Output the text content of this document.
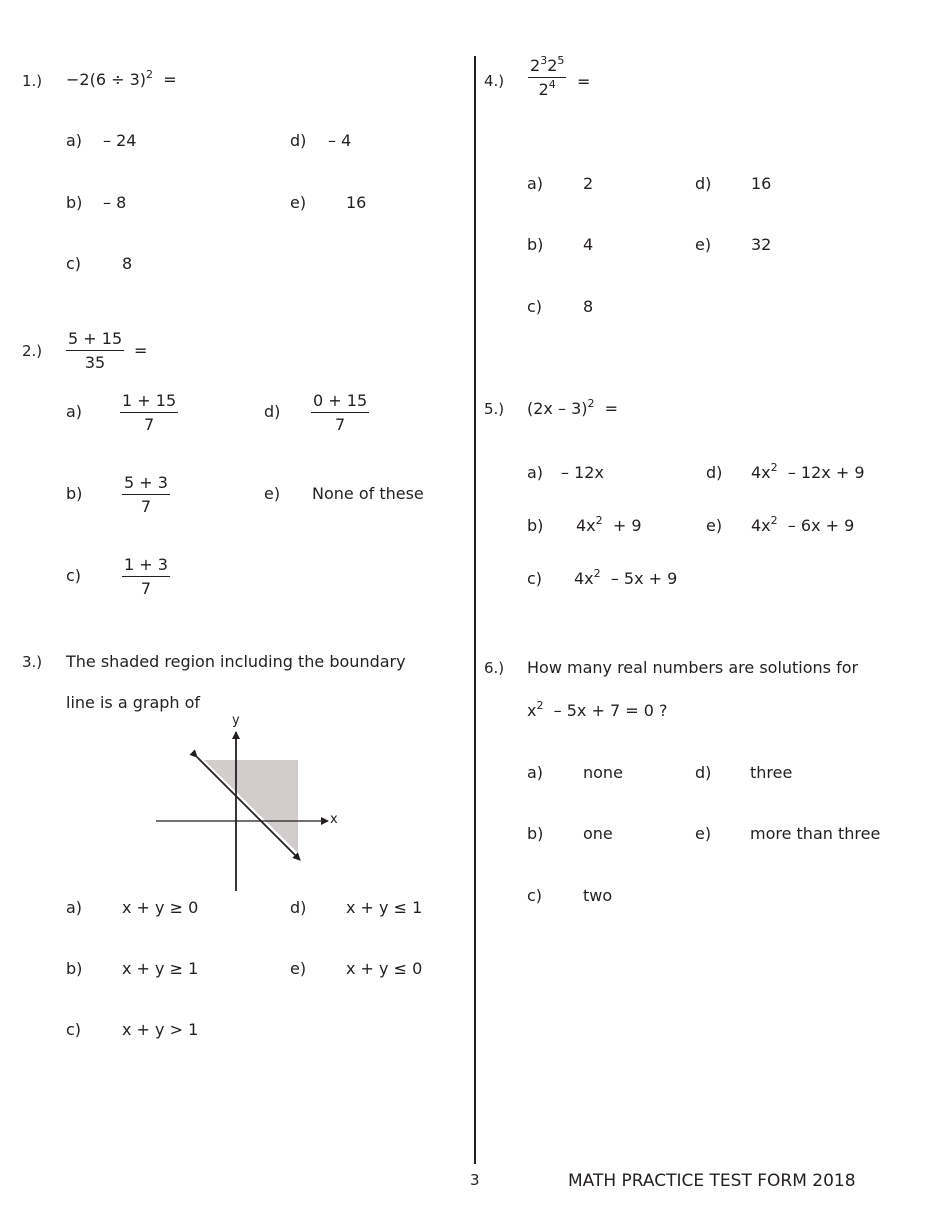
$1.) -2(6 \div 3)^2$ =
a) – 24
b) – 8
c)	8
d) – 4
e) 16
$2.) \frac{5 + 15}{35}$ =
$a) \frac{1 + 15}{7}$
$b) \frac{5 + 3}{7}$
c)	$\frac{1 + 3}{7}$
$d) \frac{0 + 15}{7}$
e) None of these
3.) The shaded region including the boundary
line is a graph of
y
x
a) x + y ≥ 0
b) x + y ≥ 1
c)	x + y > 1
d) x + y ≤ 1
e) x + y ≤ 0
$4.) \frac{2^32^5}{2^4}$ =
a) 2
b) 4
c)	8
d) 16
e) 32
5.) (2x – 3)$^2$ =
a) – 12x
b) $4x^2 + 9$
c) $4x^2 - 5x + 9$
d) $4x^2 - 12x + 9$
e) $4x^2 - 6x + 9$
6.) How many real numbers are solutions for
$x^2 - 5x + 7 = 0$ ?
a) none
b) one
c)	two
d) three
e) more than three
3	MATH PRACTICE TEST FORM 2018
